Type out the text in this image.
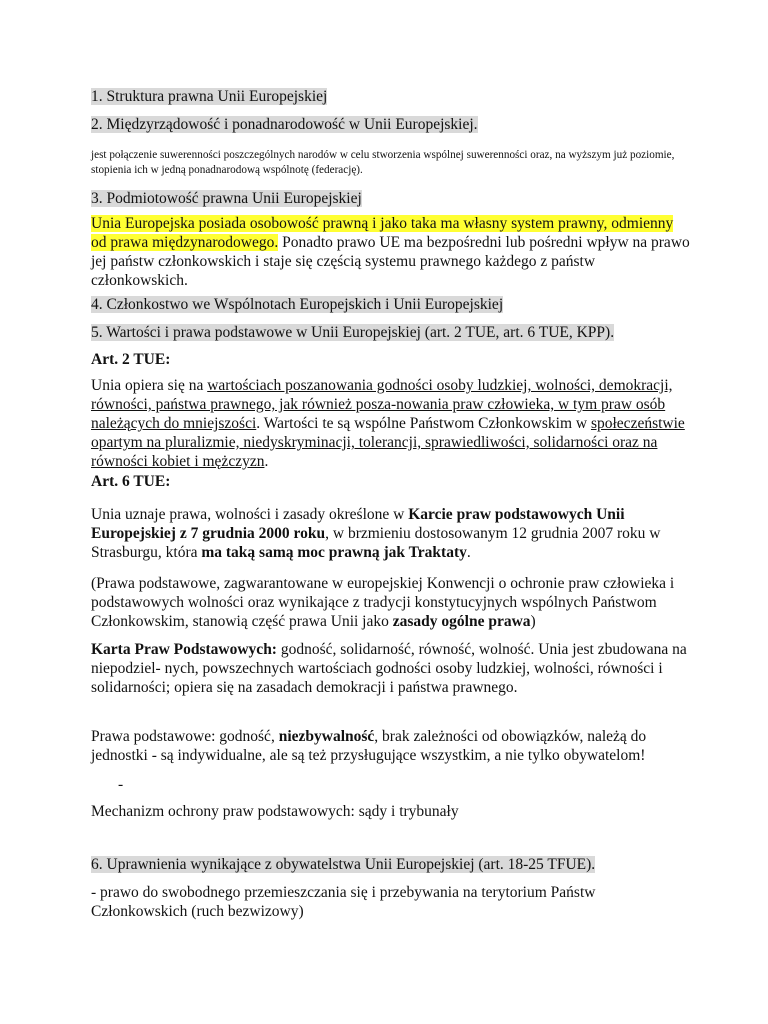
1. Struktura prawna Unii Europejskiej

2. Międzyrządowość i ponadnarodowość w Unii Europejskiej.

jest połączenie suwerenności poszczególnych narodów w celu stworzenia wspólnej suwerenności oraz, na wyższym już poziomie, stopienia ich w jedną ponadnarodową wspólnotę (federację).

3. Podmiotowość prawna Unii Europejskiej

Unia Europejska posiada osobowość prawną i jako taka ma własny system prawny, odmienny od prawa międzynarodowego. Ponadto prawo UE ma bezpośredni lub pośredni wpływ na prawo jej państw członkowskich i staje się częścią systemu prawnego każdego z państw członkowskich.

4. Członkostwo we Wspólnotach Europejskich i Unii Europejskiej

5. Wartości i prawa podstawowe w Unii Europejskiej (art. 2 TUE, art. 6 TUE, KPP).

Art. 2 TUE:

Unia opiera się na wartościach poszanowania godności osoby ludzkiej, wolności, demokracji, równości, państwa prawnego, jak również posza-nowania praw człowieka, w tym praw osób należących do mniejszości. Wartości te są wspólne Państwom Członkowskim w społeczeństwie opartym na pluralizmie, niedyskryminacji, tolerancji, sprawiedliwości, solidarności oraz na równości kobiet i mężczyzn.

Art. 6 TUE:

Unia uznaje prawa, wolności i zasady określone w Karcie praw podstawowych Unii Europejskiej z 7 grudnia 2000 roku, w brzmieniu dostosowanym 12 grudnia 2007 roku w Strasburgu, która ma taką samą moc prawną jak Traktaty.

(Prawa podstawowe, zagwarantowane w europejskiej Konwencji o ochronie praw człowieka i podstawowych wolności oraz wynikające z tradycji konstytucyjnych wspólnych Państwom Członkowskim, stanowią część prawa Unii jako zasady ogólne prawa)

Karta Praw Podstawowych: godność, solidarność, równość, wolność. Unia jest zbudowana na niepodziel- nych, powszechnych wartościach godności osoby ludzkiej, wolności, równości i solidarności; opiera się na zasadach demokracji i państwa prawnego.

Prawa podstawowe: godność, niezbywalność, brak zależności od obowiązków, należą do jednostki - są indywidualne, ale są też przysługujące wszystkim, a nie tylko obywatelom!

-

Mechanizm ochrony praw podstawowych: sądy i trybunały

6. Uprawnienia wynikające z obywatelstwa Unii Europejskiej (art. 18-25 TFUE).

- prawo do swobodnego przemieszczania się i przebywania na terytorium Państw Członkowskich (ruch bezwizowy)
